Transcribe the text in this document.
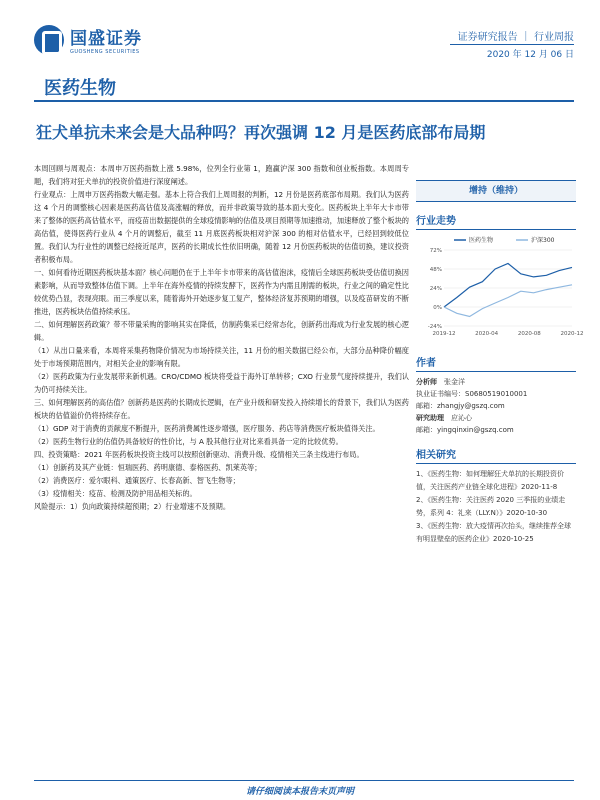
国盛证券
GUOSHENG SECURITIES
证券研究报告 ｜ 行业周报
2020 年 12 月 06 日
医药生物
狂犬单抗未来会是大品种吗？再次强调 12 月是医药底部布局期

本周回顾与周观点：本周申万医药指数上涨 5.98%，位列全行业第 1，跑赢沪深 300 指数和创业板指数。本周周专题，我们将对狂犬单抗的投资价值进行深度阐述。

行业观点：上周申万医药指数大幅走强。基本上符合我们上周周报的判断，12 月份是医药底部布局期。我们认为医药这 4 个月的调整核心因素是医药高估值及高涨幅的释放，而并非政策导致的基本面大变化。医药板块上半年大卡市带来了整体的医药高估值水平，而疫苗出数据提供的全球疫情影响的估值及项目预期等加速推动，加速释放了整个板块的高估值，使得医药行业从 4 个月的调整后，截至 11 月底医药板块相对沪深 300 的相对估值水平，已经回到较低位置。我们认为行业性的调整已经接近尾声，医药的长期成长性依旧明确，随着 12 月份医药板块的估值切换，建议投资者积极布局。

一、如何看待近期医药板块基本面？核心问题仍在于上半年卡市带来的高估值泡沫，疫情后全球医药板块受估值切换因素影响，从而导致整体估值下调。上半年在海外疫情的持续发酵下，医药作为内需且刚需的板块，行业之间的确定性比较优势凸显，表现亮眼。而三季度以来，随着海外开始逐步复工复产，整体经济复苏预期的增强，以及疫苗研发的不断推进，医药板块估值持续承压。

二、如何理解医药政策？带不带量采购的影响其实在降低，仿制药集采已经常态化，创新药出海成为行业发展的核心逻辑。

（1）从出口量来看，本周将采集药物降价情况为市场持续关注，11 月份的相关数据已经公布，大部分品种降价幅度处于市场预期范围内，对相关企业的影响有限。

（2）医药政策为行业发展带来新机遇。CRO/CDMO 板块将受益于海外订单转移；CXO 行业景气度持续提升，我们认为仍可持续关注。

三、如何理解医药的高估值？创新药是医药的长期成长逻辑，在产业升级和研发投入持续增长的背景下，我们认为医药板块的估值溢价仍将持续存在。

（1）GDP 对于消费的贡献度不断提升，医药消费属性逐步增强，医疗服务、药店等消费医疗板块值得关注。

（2）医药生物行业的估值仍具备较好的性价比，与 A 股其他行业对比来看具备一定的比较优势。

四、投资策略：2021 年医药板块投资主线可以按照创新驱动、消费升级、疫情相关三条主线进行布局。

（1）创新药及其产业链：恒瑞医药、药明康德、泰格医药、凯莱英等；

（2）消费医疗：爱尔眼科、通策医疗、长春高新、智飞生物等；

（3）疫情相关：疫苗、检测及防护用品相关标的。

风险提示：1）负向政策持续超预期；2）行业增速不及预期。

增持（维持）
行业走势
72%
48%
24%
0%
-24%
2019-12	2020-04	2020-08	2020-12
医药生物	沪深300
作者
分析师　 张金洋
执业证书编号：S0680519010001
邮箱：zhangjy@gszq.com
研究助理　 应沁心
邮箱：yingqinxin@gszq.com
相关研究
1、《医药生物：如何理解狂犬单抗的长期投资价值，关注医药产业链全球化进程》2020-11-8
2、《医药生物：关注医药 2020 三季报的业绩走势，系列 4：礼来（LLY.N）》2020-10-30
3、《医药生物：放大疫情再次抬头，继续推荐全球有明显壁垒的医药企业》2020-10-25
请仔细阅读本报告末页声明
